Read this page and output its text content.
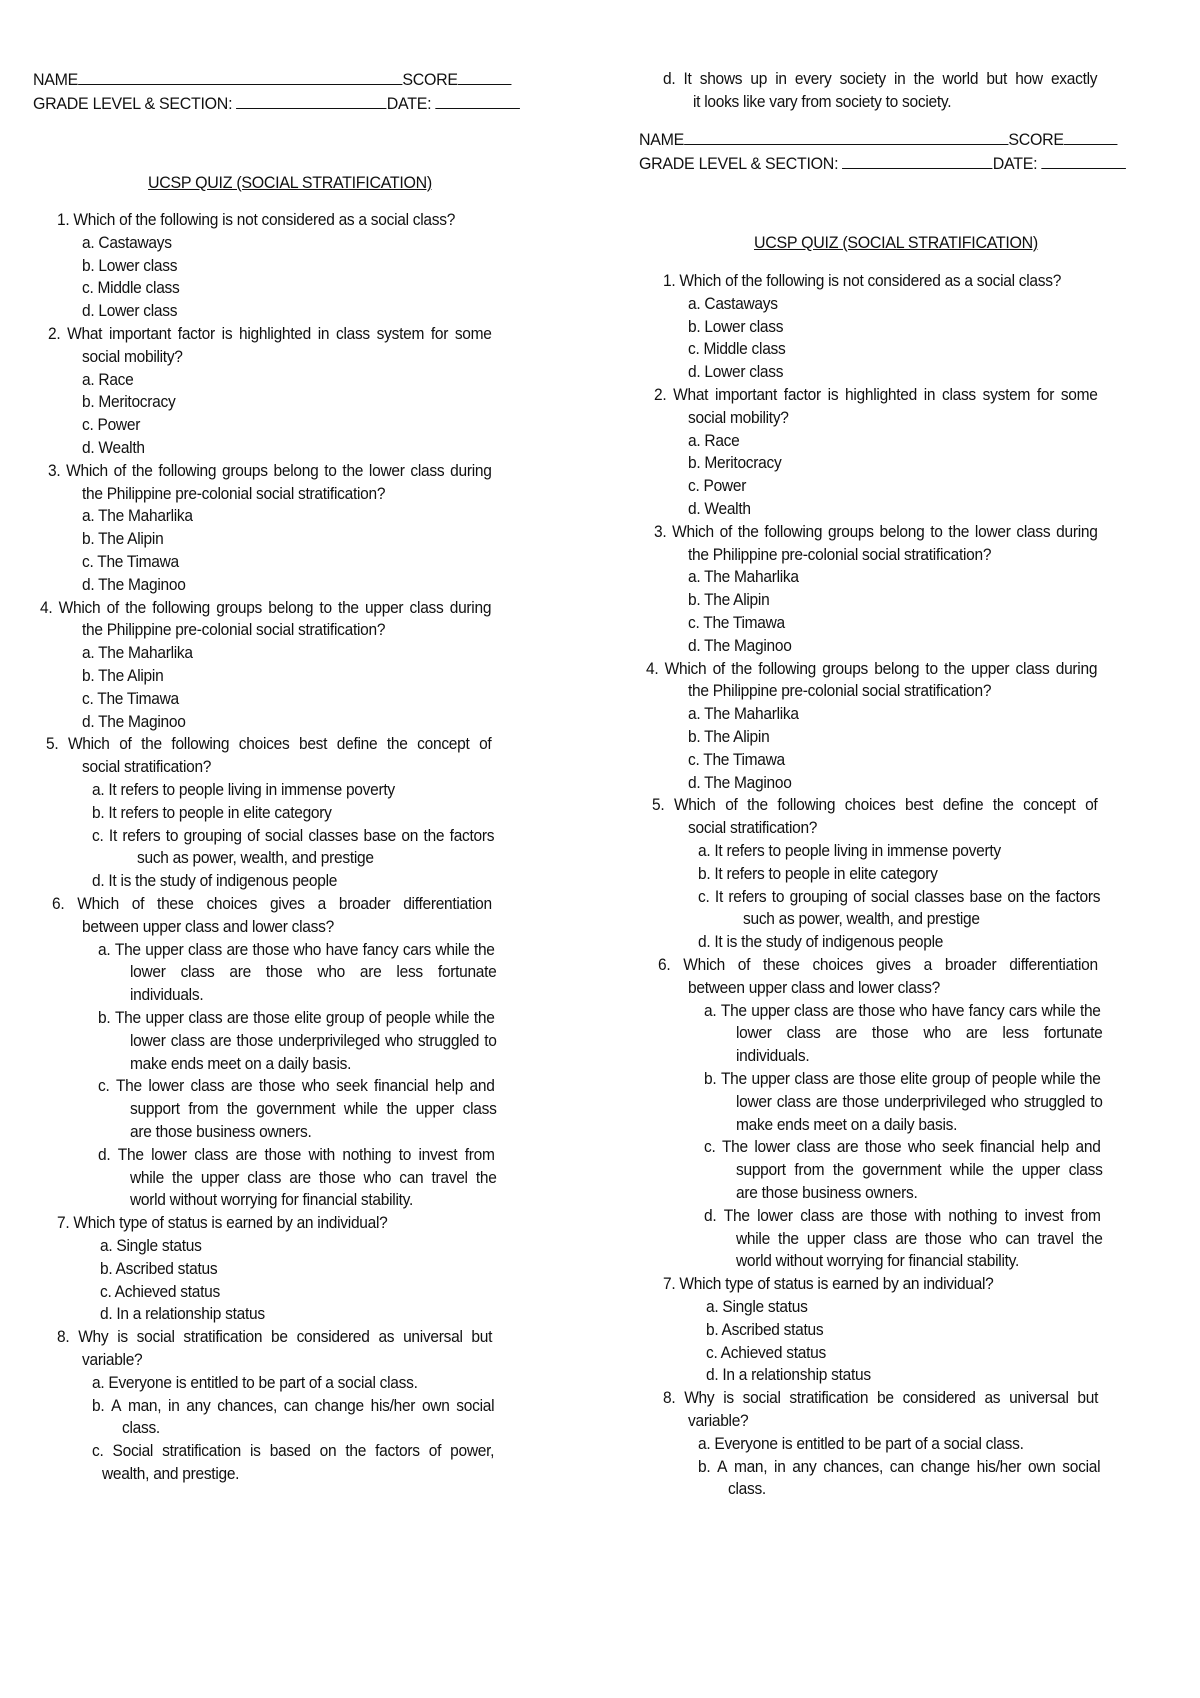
NAME	SCORE
GRADE LEVEL & SECTION:	DATE:
UCSP QUIZ (SOCIAL STRATIFICATION)
1. Which of the following is not considered as a social class?
a. Castaways
b. Lower class
c. Middle class
d. Lower class
2. What important factor is highlighted in class system for some
social mobility?
a. Race
b. Meritocracy
c. Power
d. Wealth
3. Which of the following groups belong to the lower class during
the Philippine pre-colonial social stratification?
a. The Maharlika
b. The Alipin
c. The Timawa
d. The Maginoo
4. Which of the following groups belong to the upper class during
the Philippine pre-colonial social stratification?
a. The Maharlika
b. The Alipin
c. The Timawa
d. The Maginoo
5. Which of the following choices best define the concept of
social stratification?
a. It refers to people living in immense poverty
b. It refers to people in elite category
c. It refers to grouping of social classes base on the factors
such as power, wealth, and prestige
d. It is the study of indigenous people
6. Which of these choices gives a broader differentiation
between upper class and lower class?
a. The upper class are those who have fancy cars while the
lower class are those who are less fortunate
individuals.
b. The upper class are those elite group of people while the
lower class are those underprivileged who struggled to
make ends meet on a daily basis.
c. The lower class are those who seek financial help and
support from the government while the upper class
are those business owners.
d. The lower class are those with nothing to invest from
while the upper class are those who can travel the
world without worrying for financial stability.
7. Which type of status is earned by an individual?
a. Single status
b. Ascribed status
c. Achieved status
d. In a relationship status
8. Why is social stratification be considered as universal but
variable?
a. Everyone is entitled to be part of a social class.
b. A man, in any chances, can change his/her own social
class.
c. Social stratification is based on the factors of power,
wealth, and prestige.
d. It shows up in every society in the world but how exactly
it looks like vary from society to society.
NAME	SCORE
GRADE LEVEL & SECTION:	DATE:
UCSP QUIZ (SOCIAL STRATIFICATION)
1. Which of the following is not considered as a social class?
a. Castaways
b. Lower class
c. Middle class
d. Lower class
2. What important factor is highlighted in class system for some
social mobility?
a. Race
b. Meritocracy
c. Power
d. Wealth
3. Which of the following groups belong to the lower class during
the Philippine pre-colonial social stratification?
a. The Maharlika
b. The Alipin
c. The Timawa
d. The Maginoo
4. Which of the following groups belong to the upper class during
the Philippine pre-colonial social stratification?
a. The Maharlika
b. The Alipin
c. The Timawa
d. The Maginoo
5. Which of the following choices best define the concept of
social stratification?
a. It refers to people living in immense poverty
b. It refers to people in elite category
c. It refers to grouping of social classes base on the factors
such as power, wealth, and prestige
d. It is the study of indigenous people
6. Which of these choices gives a broader differentiation
between upper class and lower class?
a. The upper class are those who have fancy cars while the
lower class are those who are less fortunate
individuals.
b. The upper class are those elite group of people while the
lower class are those underprivileged who struggled to
make ends meet on a daily basis.
c. The lower class are those who seek financial help and
support from the government while the upper class
are those business owners.
d. The lower class are those with nothing to invest from
while the upper class are those who can travel the
world without worrying for financial stability.
7. Which type of status is earned by an individual?
a. Single status
b. Ascribed status
c. Achieved status
d. In a relationship status
8. Why is social stratification be considered as universal but
variable?
a. Everyone is entitled to be part of a social class.
b. A man, in any chances, can change his/her own social
class.
